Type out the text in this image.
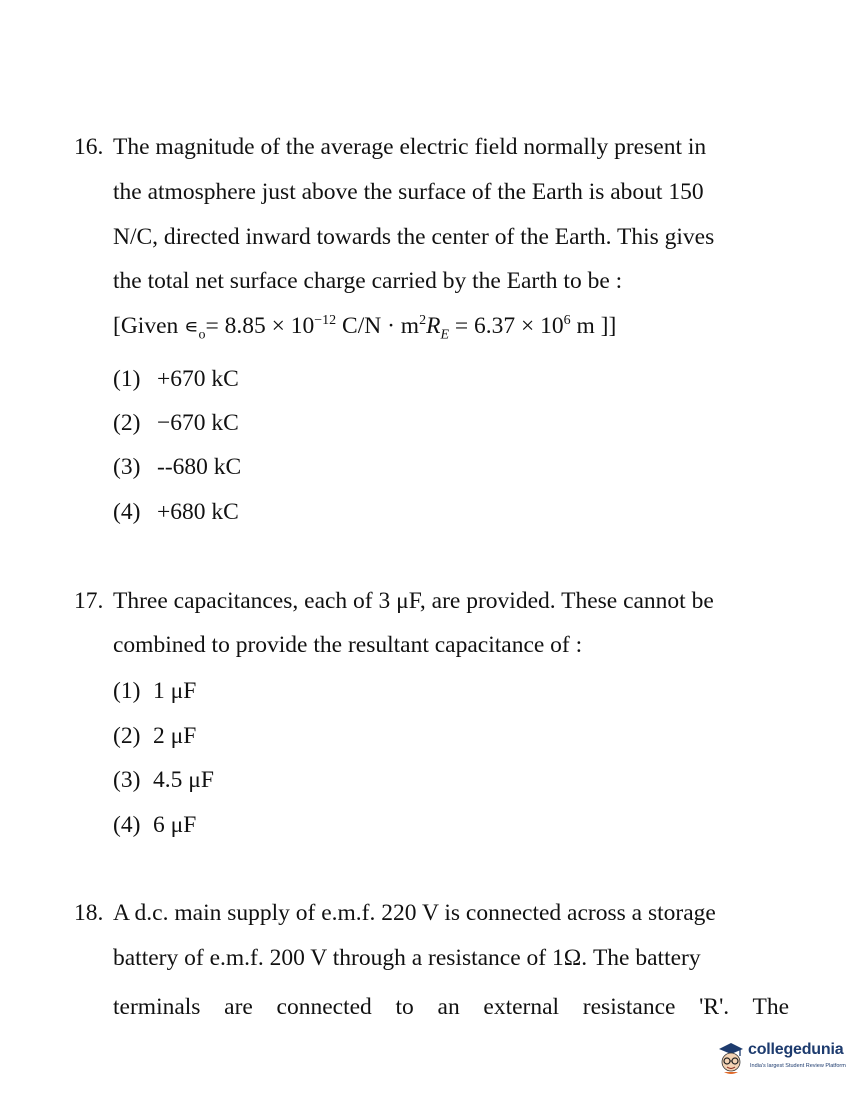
16. The magnitude of the average electric field normally present in
the atmosphere just above the surface of the Earth is about 150
N/C, directed inward towards the center of the Earth. This gives
the total net surface charge carried by the Earth to be :
[Given $∊_o= 8.85 \times 10^{-12}$ $C/N \cdot m^2R_E = 6.37 \times 10^6$ m ]]
(1) +670 kC
(2) −670 kC
(3) --680 kC
(4) +680 kC
17. Three capacitances, each of 3 μF, are provided. These cannot be
combined to provide the resultant capacitance of :
(1) 1 μF
(2) 2 μF
(3) 4.5 μF
(4) 6 μF
18. A d.c. main supply of e.m.f. 220 V is connected across a storage
battery of e.m.f. 200 V through a resistance of 1Ω. The battery
terminals are connected to an external resistance 'R'. The
collegedunia
India's largest Student Review Platform
